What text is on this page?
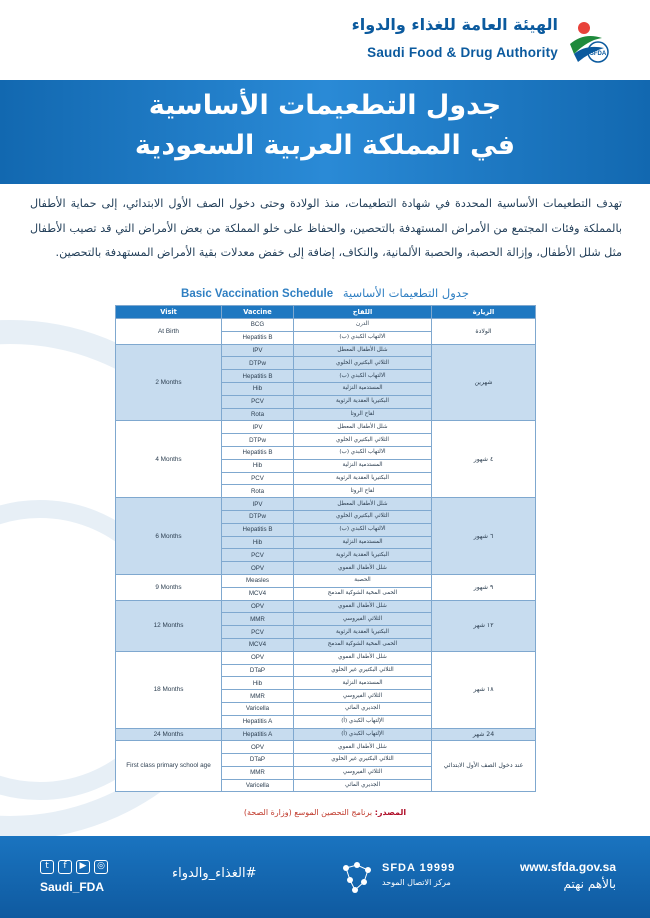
الهيئة العامة للغذاء والدواء
Saudi Food & Drug Authority	SFDA
جدول التطعيمات الأساسية
في المملكة العربية السعودية
تهدف التطعيمات الأساسية المحددة في شهادة التطعيمات، منذ الولادة وحتى دخول الصف الأول الابتدائي، إلى حماية الأطفال بالمملكة وفئات المجتمع من الأمراض المستهدفة بالتحصين، والحفاظ على خلو المملكة من بعض الأمراض التي قد تصيب الأطفال مثل شلل الأطفال، وإزالة الحصبة، والحصبة الألمانية، والنكاف، إضافة إلى خفض معدلات بقية الأمراض المستهدفة بالتحصين.
Basic Vaccination Schedule جدول التطعيمات الأساسية
Visit	Vaccine	اللقاح	الزيارة
At Birth	BCG	الدرن	الولادة
	Hepatitis B	الالتهاب الكبدي (ب)	
2 Months	IPV	شلل الأطفال المعطل	شهرين
	DTPw	الثلاثي البكتيري الخلوي	
	Hepatitis B	الالتهاب الكبدي (ب)	
	Hib	المستدمية النزلية	
	PCV	البكتيريا العقدية الرئوية	
	Rota	لقاح الروتا	
4 Months	IPV	شلل الأطفال المعطل	٤ شهور
	DTPw	الثلاثي البكتيري الخلوي	
	Hepatitis B	الالتهاب الكبدي (ب)	
	Hib	المستدمية النزلية	
	PCV	البكتيريا العقدية الرئوية	
	Rota	لقاح الروتا	
6 Months	IPV	شلل الأطفال المعطل	٦ شهور
	DTPw	الثلاثي البكتيري الخلوي	
	Hepatitis B	الالتهاب الكبدي (ب)	
	Hib	المستدمية النزلية	
	PCV	البكتيريا العقدية الرئوية	
	OPV	شلل الأطفال الفموي	
9 Months	Measles	الحصبة	٩ شهور
	MCV4	الحمى المخية الشوكية المدمج	
12 Months	OPV	شلل الأطفال الفموي	١٢ شهر
	MMR	الثلاثي الفيروسي	
	PCV	البكتيريا العقدية الرئوية	
	MCV4	الحمى المخية الشوكية المدمج	
18 Months	OPV	شلل الأطفال الفموي	١٨ شهر
	DTaP	الثلاثي البكتيري غير الخلوي	
	Hib	المستدمية النزلية	
	MMR	الثلاثي الفيروسي	
	Varicella	الجديري المائي	
	Hepatitis A	الإلتهاب الكبدي (أ)	
24 Months	Hepatitis A	الإلتهاب الكبدي (أ)	24 شهر
First class primary school age	OPV	شلل الأطفال الفموي	عند دخول الصف الأول الابتدائي
	DTaP	الثلاثي البكتيري غير الخلوي	
	MMR	الثلاثي الفيروسي	
	Varicella	الجديري المائي	
المصدر: برنامج التحصين الموسع (وزارة الصحة)
t	f	▶	◎
Saudi_FDA
#الغذاء_والدواء	SFDA 19999
مركز الاتصال الموحد
www.sfda.gov.sa
بالأهم نهتم
